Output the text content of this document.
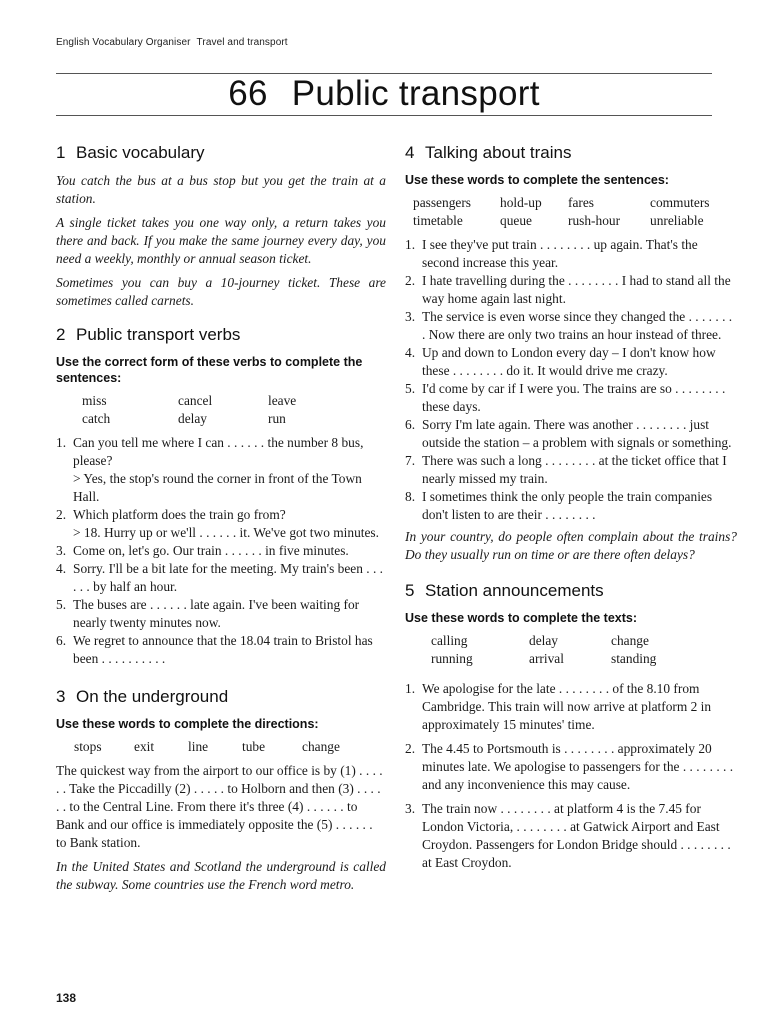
English Vocabulary Organiser Travel and transport
66 Public transport
1 Basic vocabulary

You catch the bus at a bus stop but you get the train at a station.

A single ticket takes you one way only, a return takes you there and back. If you make the same journey every day, you need a weekly, monthly or annual season ticket.

Sometimes you can buy a 10-journey ticket. These are sometimes called carnets.

2 Public transport verbs
Use the correct form of these verbs to complete the sentences:
miss	cancel	leave
catch	delay	run
1. Can you tell me where I can . . . . . . the number 8 bus, please?
> Yes, the stop's round the corner in front of the Town Hall.
2. Which platform does the train go from?
> 18. Hurry up or we'll . . . . . . it. We've got two minutes.
3. Come on, let's go. Our train . . . . . . in five minutes.
4. Sorry. I'll be a bit late for the meeting. My train's been . . . . . . by half an hour.
5. The buses are . . . . . . late again. I've been waiting for nearly twenty minutes now.
6. We regret to announce that the 18.04 train to Bristol has been . . . . . . . . . .
3 On the underground
Use these words to complete the directions:
stops	exit	line	tube	change

The quickest way from the airport to our office is by (1) . . . . . . Take the Piccadilly (2) . . . . . to Holborn and then (3) . . . . . . to the Central Line. From there it's three (4) . . . . . . to Bank and our office is immediately opposite the (5) . . . . . . to Bank station.

In the United States and Scotland the underground is called the subway. Some countries use the French word metro.

4 Talking about trains
Use these words to complete the sentences:
passengers	hold-up	fares	commuters
timetable	queue	rush-hour	unreliable
1. I see they've put train . . . . . . . . up again. That's the second increase this year.
2. I hate travelling during the . . . . . . . . I had to stand all the way home again last night.
3. The service is even worse since they changed the . . . . . . . . Now there are only two trains an hour instead of three.
4. Up and down to London every day – I don't know how these . . . . . . . . do it. It would drive me crazy.
5. I'd come by car if I were you. The trains are so . . . . . . . . these days.
6. Sorry I'm late again. There was another . . . . . . . . just outside the station – a problem with signals or something.
7. There was such a long . . . . . . . . at the ticket office that I nearly missed my train.
8. I sometimes think the only people the train companies don't listen to are their . . . . . . . .

In your country, do people often complain about the trains? Do they usually run on time or are there often delays?

5 Station announcements
Use these words to complete the texts:
calling	delay	change
running	arrival	standing
1. We apologise for the late . . . . . . . . of the 8.10 from Cambridge. This train will now arrive at platform 2 in approximately 15 minutes' time.
2. The 4.45 to Portsmouth is . . . . . . . . approximately 20 minutes late. We apologise to passengers for the . . . . . . . . and any inconvenience this may cause.
3. The train now . . . . . . . . at platform 4 is the 7.45 for London Victoria, . . . . . . . . at Gatwick Airport and East Croydon. Passengers for London Bridge should . . . . . . . . at East Croydon.
138
